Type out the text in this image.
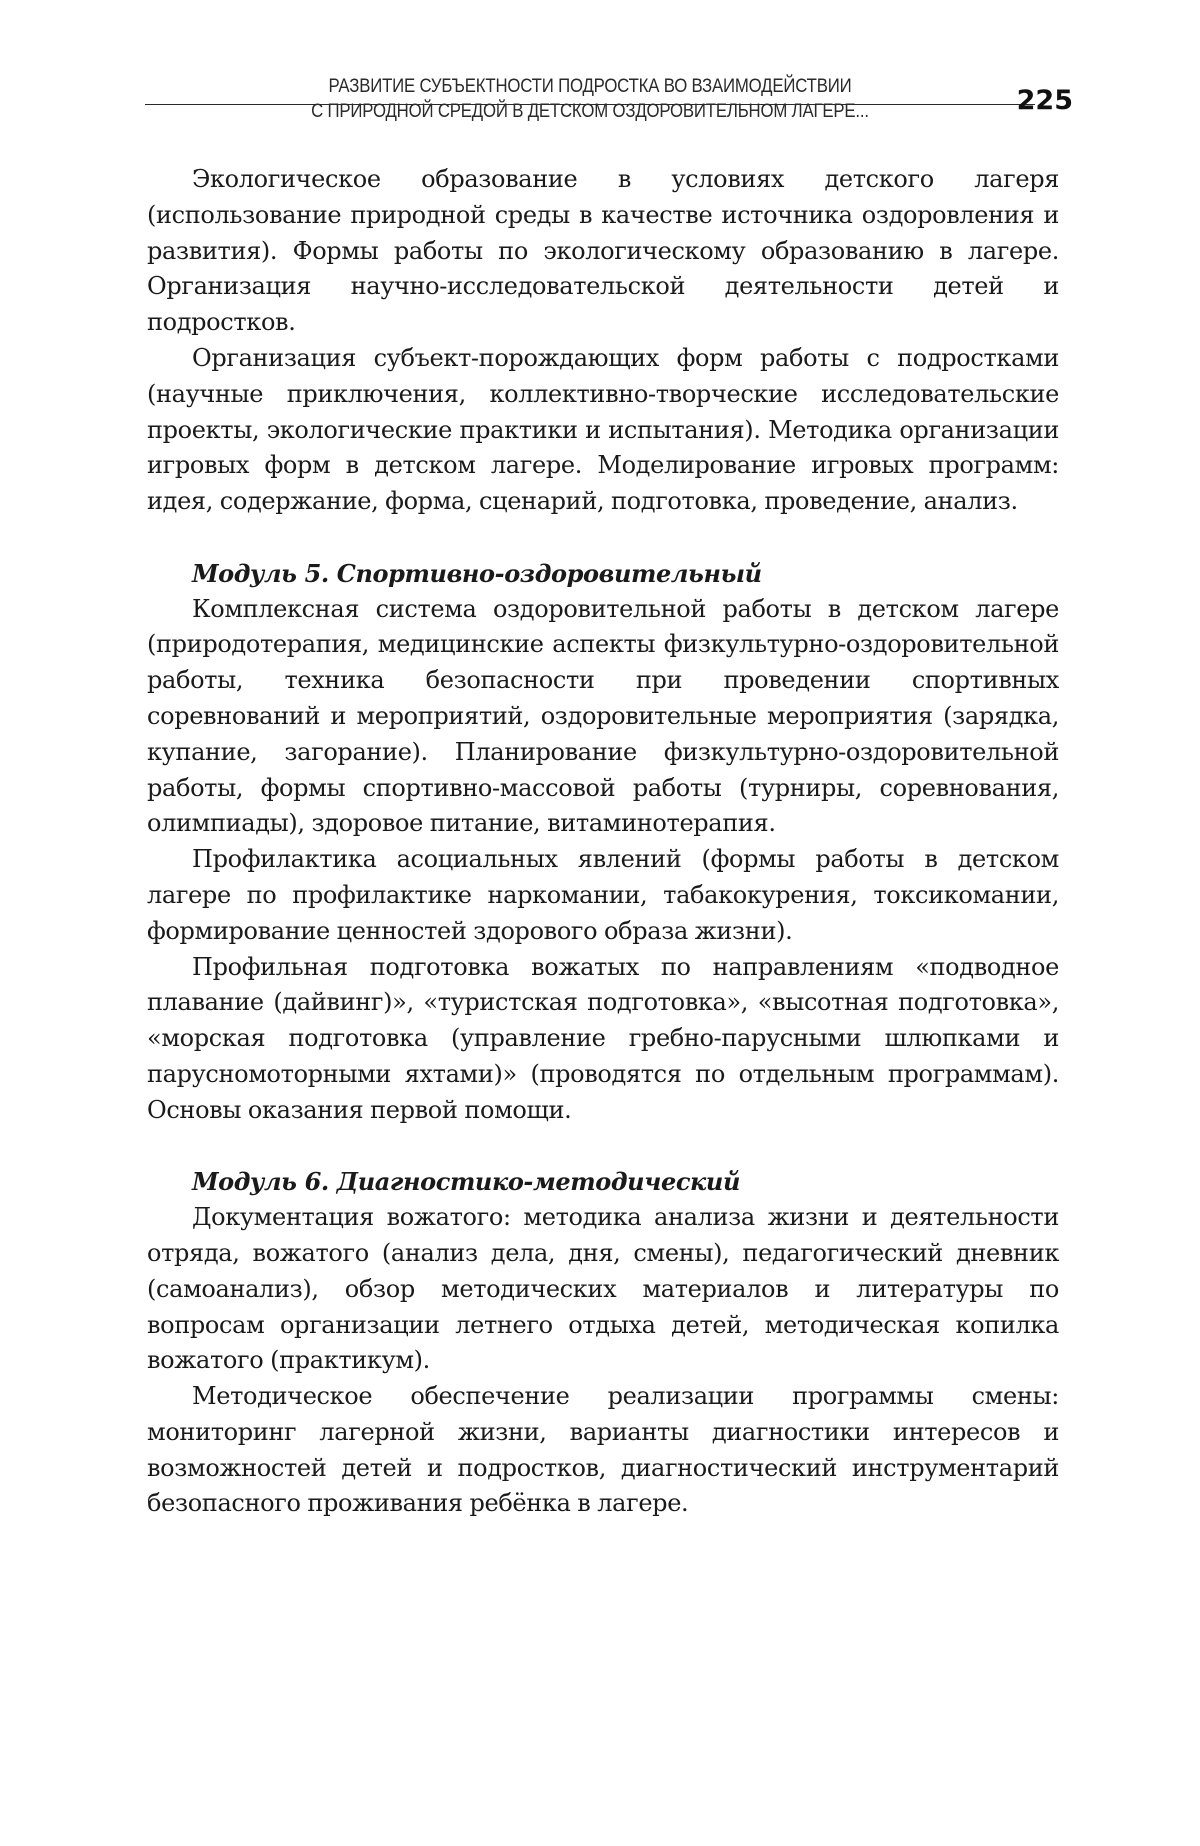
РАЗВИТИЕ СУБЪЕКТНОСТИ ПОДРОСТКА ВО ВЗАИМОДЕЙСТВИИ
С ПРИРОДНОЙ СРЕДОЙ В ДЕТСКОМ ОЗДОРОВИТЕЛЬНОМ ЛАГЕРЕ...	225

Экологическое образование в условиях детского лагеря (использование природной среды в качестве источника оздоровления и развития). Формы работы по экологическому образованию в лагере. Организация научно-исследовательской деятельности детей и подростков.

Организация субъект-порождающих форм работы с подростками (научные приключения, коллективно-творческие исследовательские проекты, экологические практики и испытания). Методика организации игровых форм в детском лагере. Моделирование игровых программ: идея, содержание, форма, сценарий, подготовка, проведение, анализ.

Модуль 5. Спортивно-оздоровительный

Комплексная система оздоровительной работы в детском лагере (природотерапия, медицинские аспекты физкультурно-оздоровительной работы, техника безопасности при проведении спортивных соревнований и мероприятий, оздоровительные мероприятия (зарядка, купание, загорание). Планирование физкультурно-оздоровительной работы, формы спортивно-массовой работы (турниры, соревнования, олимпиады), здоровое питание, витаминотерапия.

Профилактика асоциальных явлений (формы работы в детском лагере по профилактике наркомании, табакокурения, токсикомании, формирование ценностей здорового образа жизни).

Профильная подготовка вожатых по направлениям «подводное плавание (дайвинг)», «туристская подготовка», «высотная подготовка», «морская подготовка (управление гребно-парусными шлюпками и парусномоторными яхтами)» (проводятся по отдельным программам). Основы оказания первой помощи.

Модуль 6. Диагностико-методический

Документация вожатого: методика анализа жизни и деятельности отряда, вожатого (анализ дела, дня, смены), педагогический дневник (самоанализ), обзор методических материалов и литературы по вопросам организации летнего отдыха детей, методическая копилка вожатого (практикум).

Методическое обеспечение реализации программы смены: мониторинг лагерной жизни, варианты диагностики интересов и возможностей детей и подростков, диагностический инструментарий безопасного проживания ребёнка в лагере.
